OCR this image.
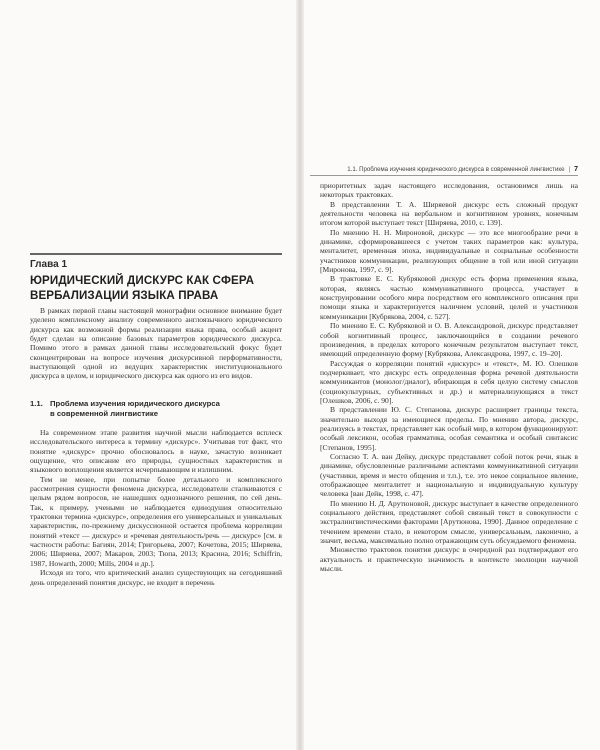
Глава 1

ЮРИДИЧЕСКИЙ ДИСКУРС КАК СФЕРА
ВЕРБАЛИЗАЦИИ ЯЗЫКА ПРАВА

В рамках первой главы настоящей монографии основное внимание будет уделено комплексному анализу современного англоязычного юридического дискурса как возможной формы реализации языка права, особый акцент будет сделан на описание базовых параметров юридического дискурса. Помимо этого в рамках данной главы исследовательский фокус будет сконцентрирован на вопросе изучения дискурсивной перформативности, выступающей одной из ведущих характеристик институционального дискурса в целом, и юридического дискурса как одного из его видов.

1.1. Проблема изучения юридического дискурса
в современной лингвистике

На современном этапе развития научной мысли наблюдается всплеск исследовательского интереса к термину «дискурс». Учитывая тот факт, что понятие «дискурс» прочно обосновалось в науке, зачастую возникает ощущение, что описание его природы, сущностных характеристик и языкового воплощения является исчерпывающим и излишним.

Тем не менее, при попытке более детального и комплексного рассмотрения сущности феномена дискурса, исследователи сталкиваются с целым рядом вопросов, не нашедших однозначного решения, по сей день. Так, к примеру, учеными не наблюдается единодушия относительно трактовки термина «дискурс», определения его универсальных и уникальных характеристик, по-прежнему дискуссионной остается проблема корреляции понятий «текст — дискурс» и «речевая деятельность/речь — дискурс» [см. в частности работы: Багиян, 2014; Григорьева, 2007; Кочетова, 2015; Ширяева, 2006; Ширяева, 2007; Макаров, 2003; Тюпа, 2013; Красина, 2016; Schiffrin, 1987, Howarth, 2000; Mills, 2004 и др.].

Исходя из того, что критический анализ существующих на сегодняшний день определений понятия дискурс, не входит в перечень

1.1. Проблема изучения юридического дискурса в современной лингвистике | 7

приоритетных задач настоящего исследования, остановимся лишь на некоторых трактовках.

В представлении Т. А. Ширяевой дискурс есть сложный продукт деятельности человека на вербальном и когнитивном уровнях, конечным итогом которой выступает текст [Ширяева, 2010, с. 139].

По мнению Н. Н. Мироновой, дискурс — это все многообразие речи в динамике, сформировавшееся с учетом таких параметров как: культура, менталитет, временная эпоха, индивидуальные и социальные особенности участников коммуникации, реализующих общение в той или иной ситуации [Миронова, 1997, с. 9].

В трактовке Е. С. Кубряковой дискурс есть форма применения языка, которая, являясь частью коммуникативного процесса, участвует в конструировании особого мира посредством его комплексного описания при помощи языка и характеризуется наличием условий, целей и участников коммуникации [Кубрякова, 2004, с. 527].

По мнению Е. С. Кубряковой и О. В. Александровой, дискурс представляет собой когнитивный процесс, заключающийся в создании речевого произведения, в пределах которого конечным результатом выступает текст, имеющий определенную форму [Кубрякова, Александрова, 1997, с. 19–20].

Рассуждая о корреляции понятий «дискурс» и «текст», М. Ю. Олешков подчеркивает, что дискурс есть определенная форма речевой деятельности коммуникантов (монолог/диалог), вбирающая в себя целую систему смыслов (социокультурных, субъективных и др.) и материализующаяся в текст [Олешков, 2006, с. 90].

В представлении Ю. С. Степанова, дискурс расширяет границы текста, значительно выходя за имеющиеся пределы. По мнению автора, дискурс, реализуясь в текстах, представляет как особый мир, в котором функционируют: особый лексикон, особая грамматика, особая семантика и особый синтаксис [Степанов, 1995].

Согласно Т. А. ван Дейку, дискурс представляет собой поток речи, язык в динамике, обусловленные различными аспектами коммуникативной ситуации (участники, время и место общения и т.п.), т.е. это некое социальное явление, отображающее менталитет и национальную и индивидуальную культуру человека [ван Дейк, 1998, с. 47].

По мнению Н. Д. Арутюновой, дискурс выступает в качестве определенного социального действия, представляет собой связный текст в совокупности с экстралингвистическими факторами [Арутюнова, 1990]. Данное определение с течением времени стало, в некотором смысле, универсальным, лаконично, а значит, весьма, максимально полно отражающим суть обсуждаемого феномена.

Множество трактовок понятия дискурс в очередной раз подтверждают его актуальность и практическую значимость в контексте эволюции научной мысли.
